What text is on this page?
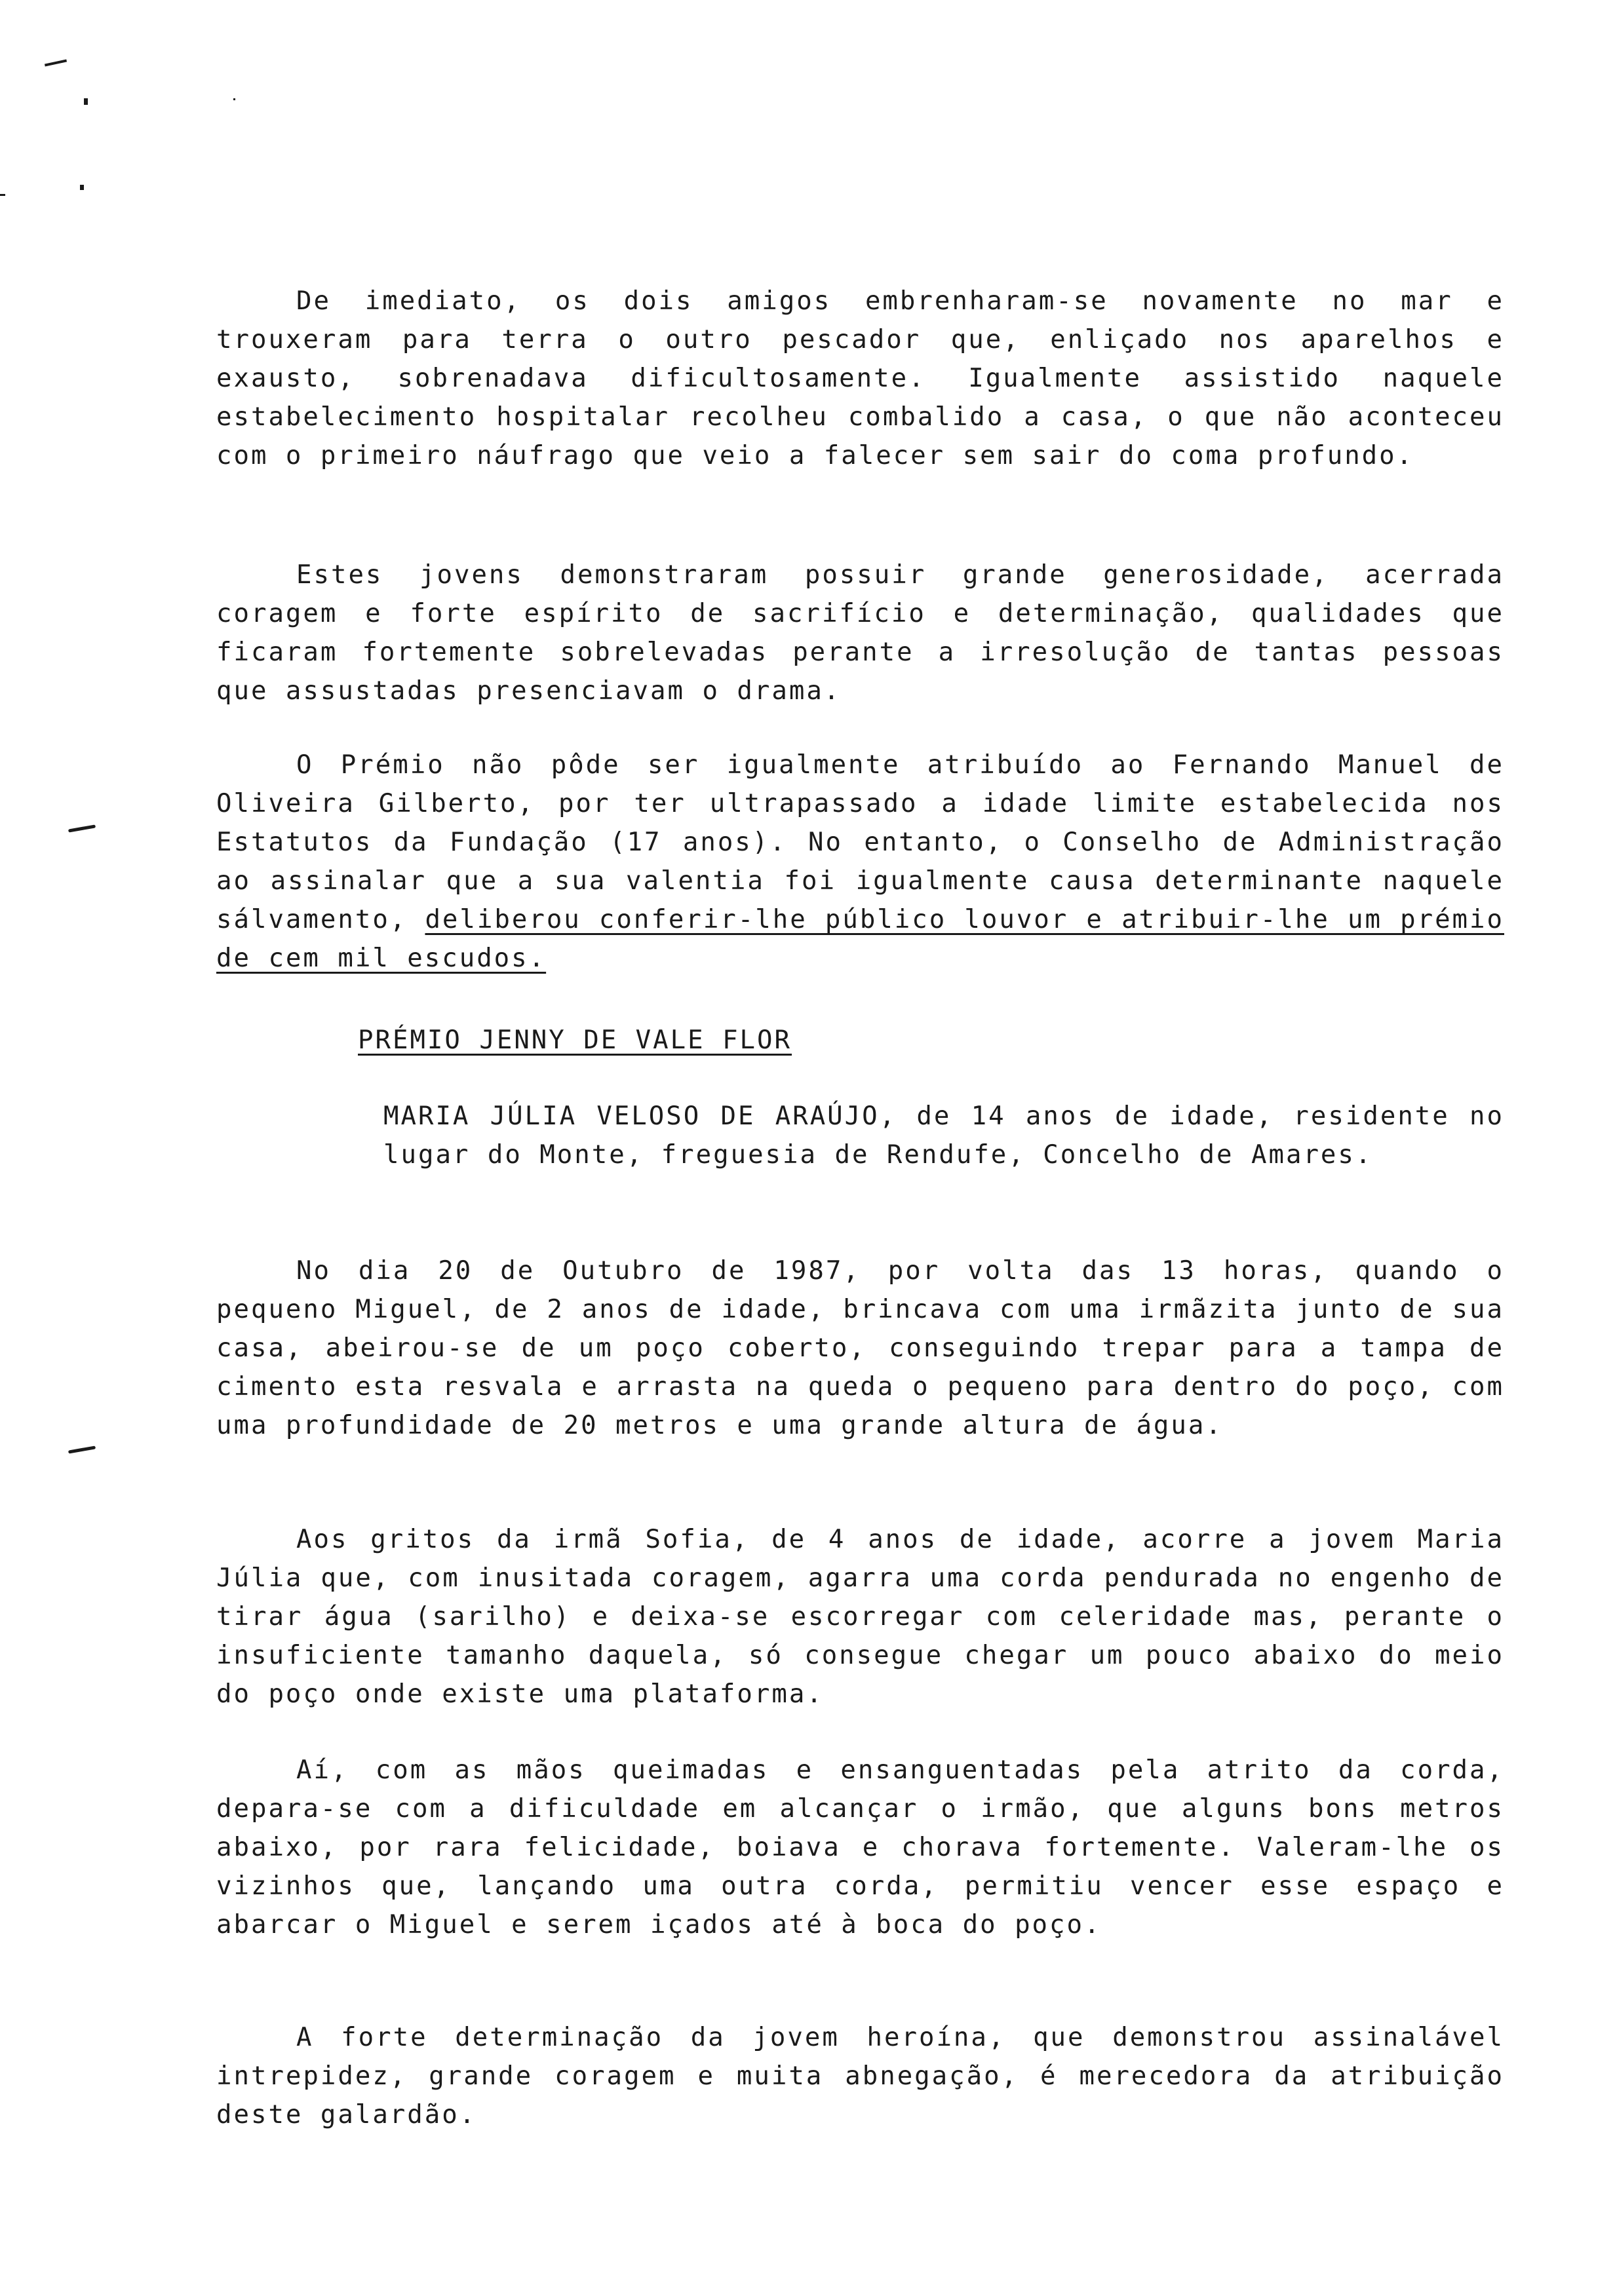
De imediato, os dois amigos embrenharam-se novamente no mar e trouxeram para terra o outro pescador que, enliçado nos aparelhos e exausto, sobrenadava dificultosamente. Igualmente assistido naquele estabelecimento hospitalar recolheu combalido a casa, o que não aconteceu com o primeiro náufrago que veio a falecer sem sair do coma profundo.

Estes jovens demonstraram possuir grande generosidade, acerrada coragem e forte espírito de sacrifício e determinação, qualidades que ficaram fortemente sobrelevadas perante a irresolução de tantas pessoas que assustadas presenciavam o drama.

O Prémio não pôde ser igualmente atribuído ao Fernando Manuel de Oliveira Gilberto, por ter ultrapassado a idade limite estabelecida nos Estatutos da Fundação (17 anos). No entanto, o Conselho de Administração ao assinalar que a sua valentia foi igualmente causa determinante naquele sálvamento, deliberou conferir-lhe público louvor e atribuir-lhe um prémio de cem mil escudos.

PRÉMIO JENNY DE VALE FLOR

MARIA JÚLIA VELOSO DE ARAÚJO, de 14 anos de idade, residente no lugar do Monte, freguesia de Rendufe, Concelho de Amares.

No dia 20 de Outubro de 1987, por volta das 13 horas, quando o pequeno Miguel, de 2 anos de idade, brincava com uma irmãzita junto de sua casa, abeirou-se de um poço coberto, conseguindo trepar para a tampa de cimento esta resvala e arrasta na queda o pequeno para dentro do poço, com uma profundidade de 20 metros e uma grande altura de água.

Aos gritos da irmã Sofia, de 4 anos de idade, acorre a jovem Maria Júlia que, com inusitada coragem, agarra uma corda pendurada no engenho de tirar água (sarilho) e deixa-se escorregar com celeridade mas, perante o insuficiente tamanho daquela, só consegue chegar um pouco abaixo do meio do poço onde existe uma plataforma.

Aí, com as mãos queimadas e ensanguentadas pela atrito da corda, depara-se com a dificuldade em alcançar o irmão, que alguns bons metros abaixo, por rara felicidade, boiava e chorava fortemente. Valeram-lhe os vizinhos que, lançando uma outra corda, permitiu vencer esse espaço e abarcar o Miguel e serem içados até à boca do poço.

A forte determinação da jovem heroína, que demonstrou assinalável intrepidez, grande coragem e muita abnegação, é merecedora da atribuição deste galardão.
